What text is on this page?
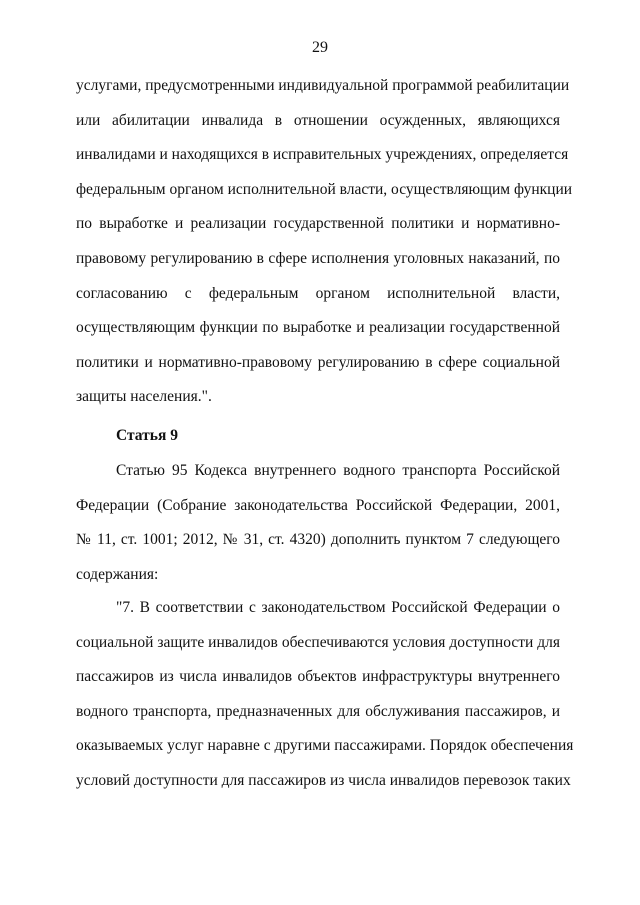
29
услугами, предусмотренными индивидуальной программой реабилитации
или абилитации инвалида в отношении осужденных, являющихся
инвалидами и находящихся в исправительных учреждениях, определяется
федеральным органом исполнительной власти, осуществляющим функции
по выработке и реализации государственной политики и нормативно-
правовому регулированию в сфере исполнения уголовных наказаний, по
согласованию с федеральным органом исполнительной власти,
осуществляющим функции по выработке и реализации государственной
политики и нормативно-правовому регулированию в сфере социальной
защиты населения.".
Статья 9
Статью 95 Кодекса внутреннего водного транспорта Российской
Федерации (Собрание законодательства Российской Федерации, 2001,
№ 11, ст. 1001; 2012, № 31, ст. 4320) дополнить пунктом 7 следующего
содержания:
"7. В соответствии с законодательством Российской Федерации о
социальной защите инвалидов обеспечиваются условия доступности для
пассажиров из числа инвалидов объектов инфраструктуры внутреннего
водного транспорта, предназначенных для обслуживания пассажиров, и
оказываемых услуг наравне с другими пассажирами. Порядок обеспечения
условий доступности для пассажиров из числа инвалидов перевозок таких
